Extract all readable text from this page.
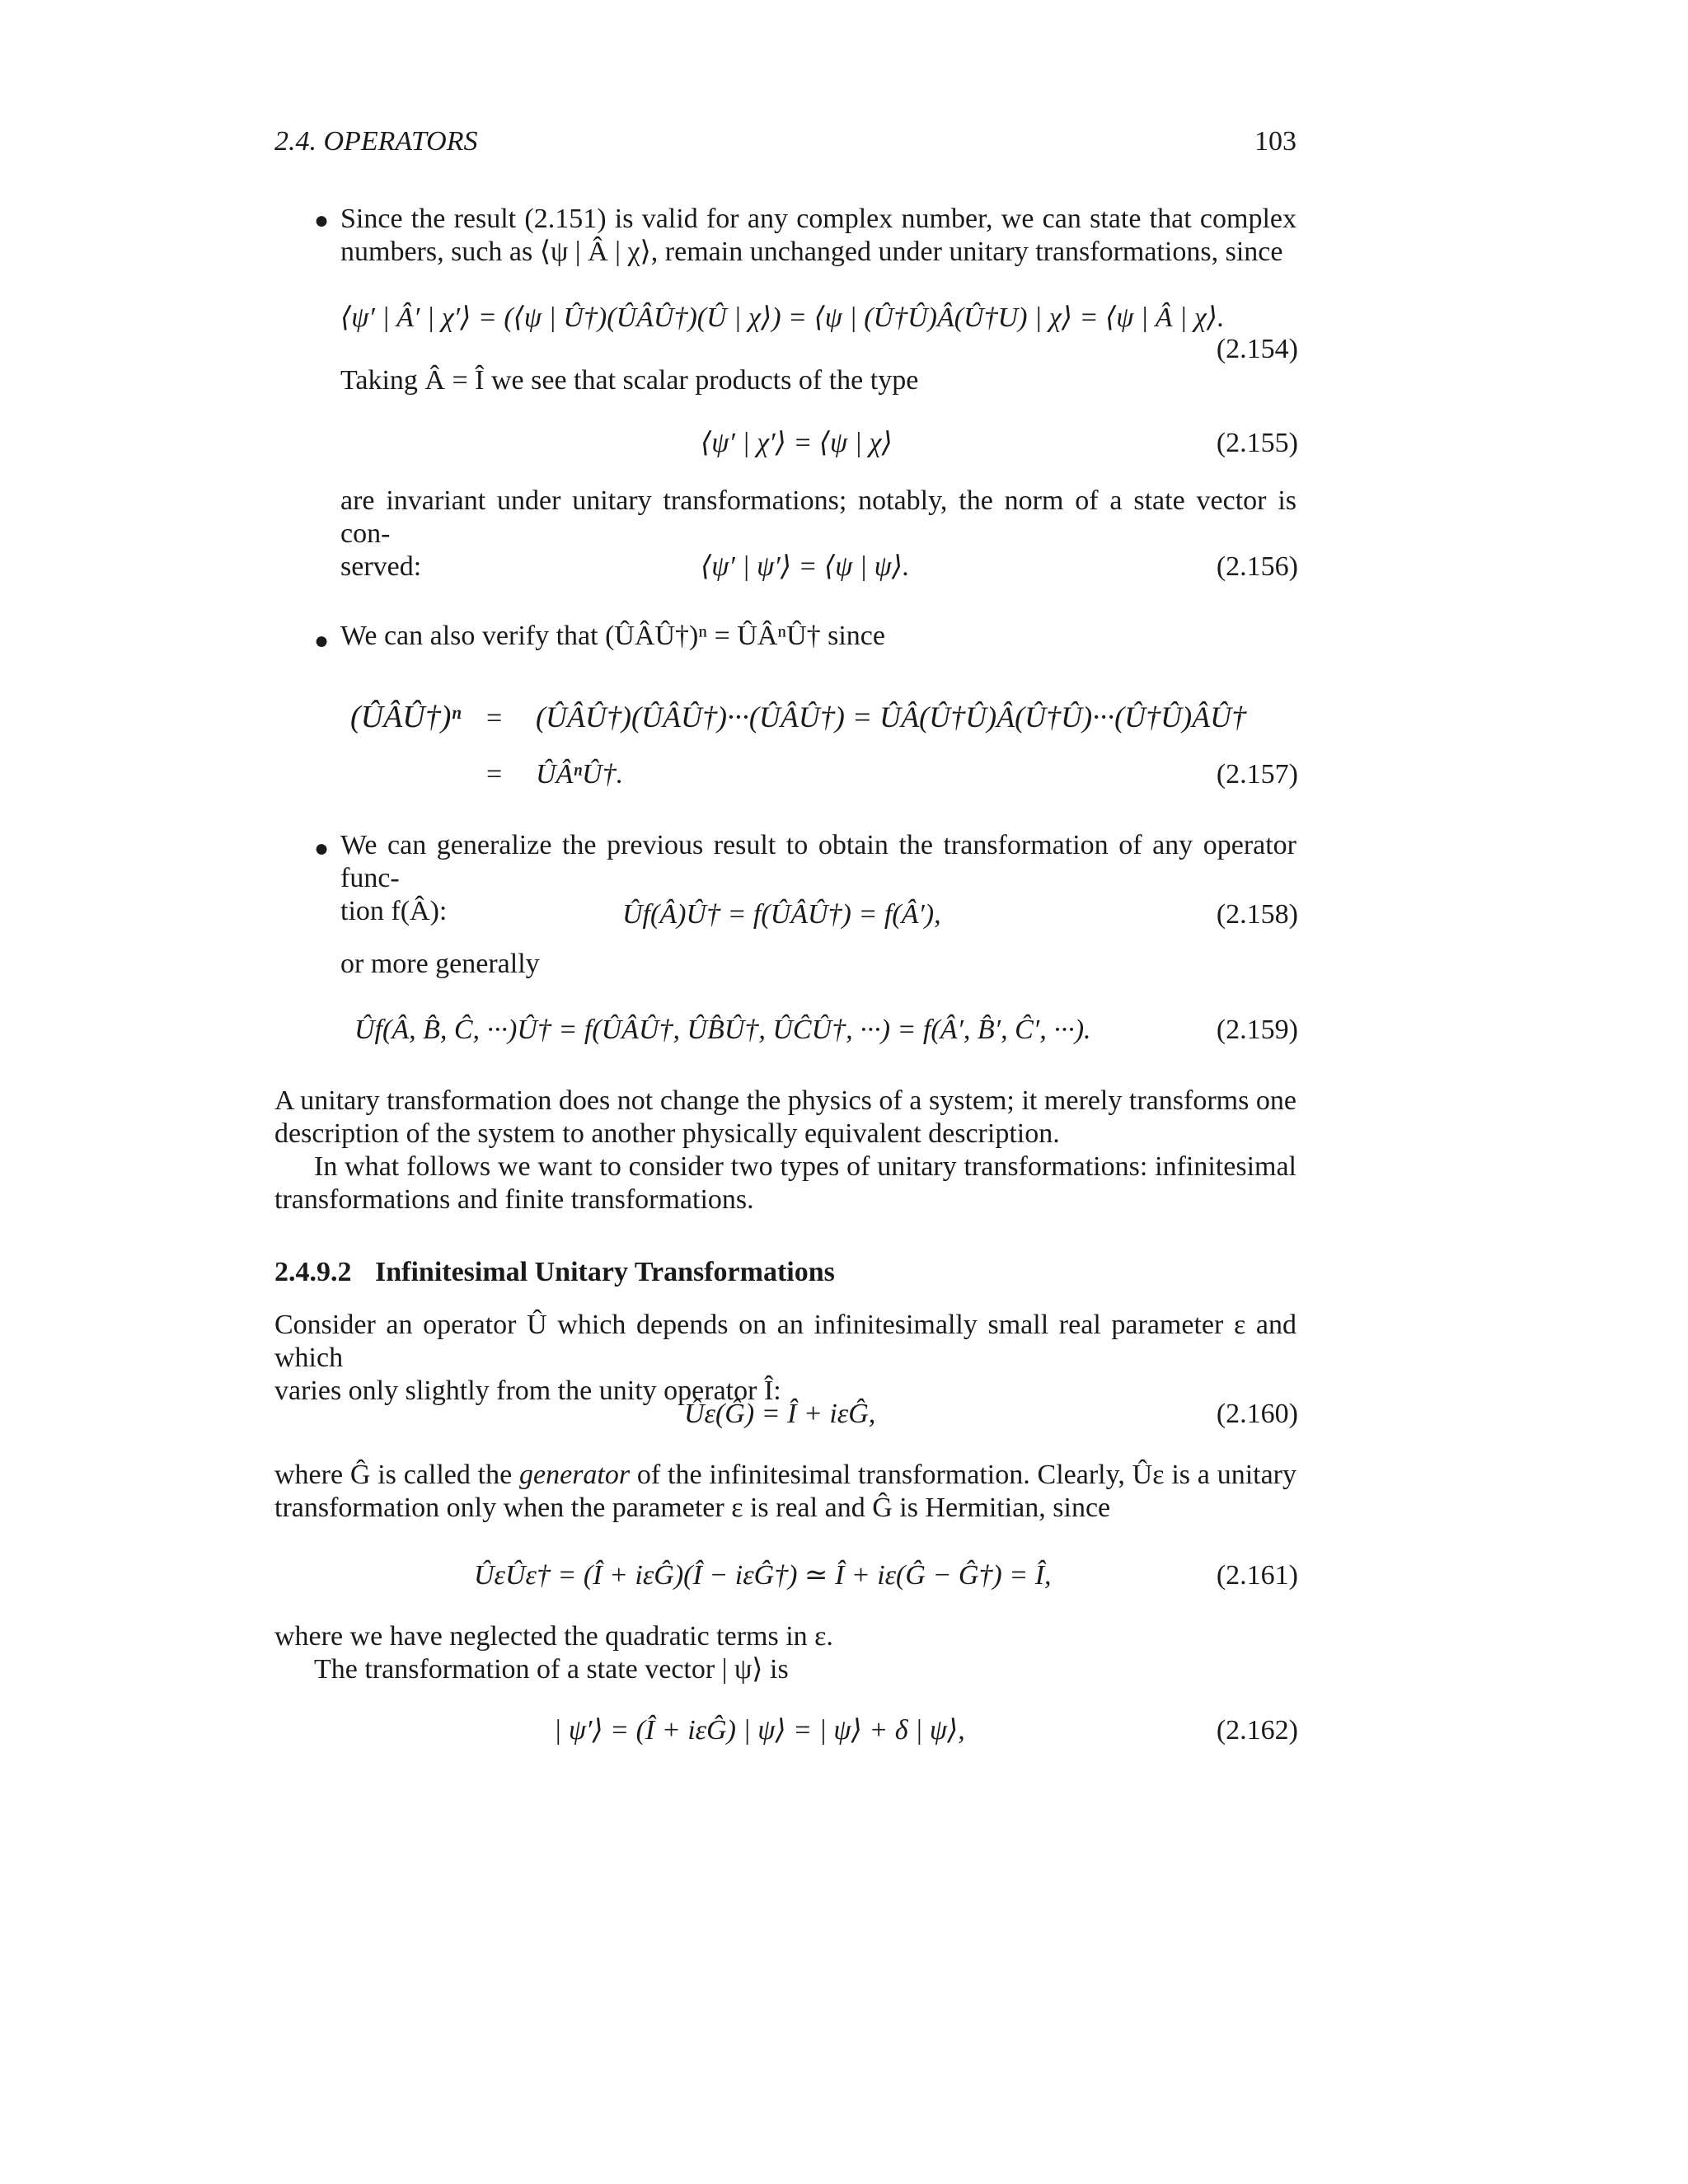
2.4. OPERATORS	103
● Since the result (2.151) is valid for any complex number, we can state that complex
numbers, such as ⟨ψ | Â | χ⟩, remain unchanged under unitary transformations, since
⟨ψ′ | Â′ | χ′⟩ = (⟨ψ | Û†)(ÛÂÛ†)(Û | χ⟩) = ⟨ψ | (Û†Û)Â(Û†U) | χ⟩ = ⟨ψ | Â | χ⟩.
(2.154)
Taking Â = Î we see that scalar products of the type
⟨ψ′ | χ′⟩ = ⟨ψ | χ⟩	(2.155)
are invariant under unitary transformations; notably, the norm of a state vector is con-
served:	⟨ψ′ | ψ′⟩ = ⟨ψ | ψ⟩.	(2.156)
● We can also verify that (ÛÂÛ†)ⁿ = ÛÂⁿÛ† since
(ÛÂÛ†)ⁿ = (ÛÂÛ†)(ÛÂÛ†)···(ÛÂÛ†) = ÛÂ(Û†Û)Â(Û†Û)···(Û†Û)ÂÛ†
= ÛÂⁿÛ†.	(2.157)
● We can generalize the previous result to obtain the transformation of any operator func-
tion f(Â):	Ûf(Â)Û† = f(ÛÂÛ†) = f(Â′),	(2.158)
or more generally
Ûf(Â, B̂, Ĉ, ···)Û† = f(ÛÂÛ†, ÛB̂Û†, ÛĈÛ†, ···) = f(Â′, B̂′, Ĉ′, ···).	(2.159)
A unitary transformation does not change the physics of a system; it merely transforms one
description of the system to another physically equivalent description.
In what follows we want to consider two types of unitary transformations: infinitesimal
transformations and finite transformations.
2.4.9.2 Infinitesimal Unitary Transformations
Consider an operator Û which depends on an infinitesimally small real parameter ε and which
varies only slightly from the unity operator Î:
Ûε(Ĝ) = Î + iεĜ,	(2.160)
where Ĝ is called the generator of the infinitesimal transformation. Clearly, Ûε is a unitary
transformation only when the parameter ε is real and Ĝ is Hermitian, since
ÛεÛε† = (Î + iεĜ)(Î − iεĜ†) ≃ Î + iε(Ĝ − Ĝ†) = Î,	(2.161)
where we have neglected the quadratic terms in ε.
The transformation of a state vector | ψ⟩ is
| ψ′⟩ = (Î + iεĜ) | ψ⟩ = | ψ⟩ + δ | ψ⟩,	(2.162)
